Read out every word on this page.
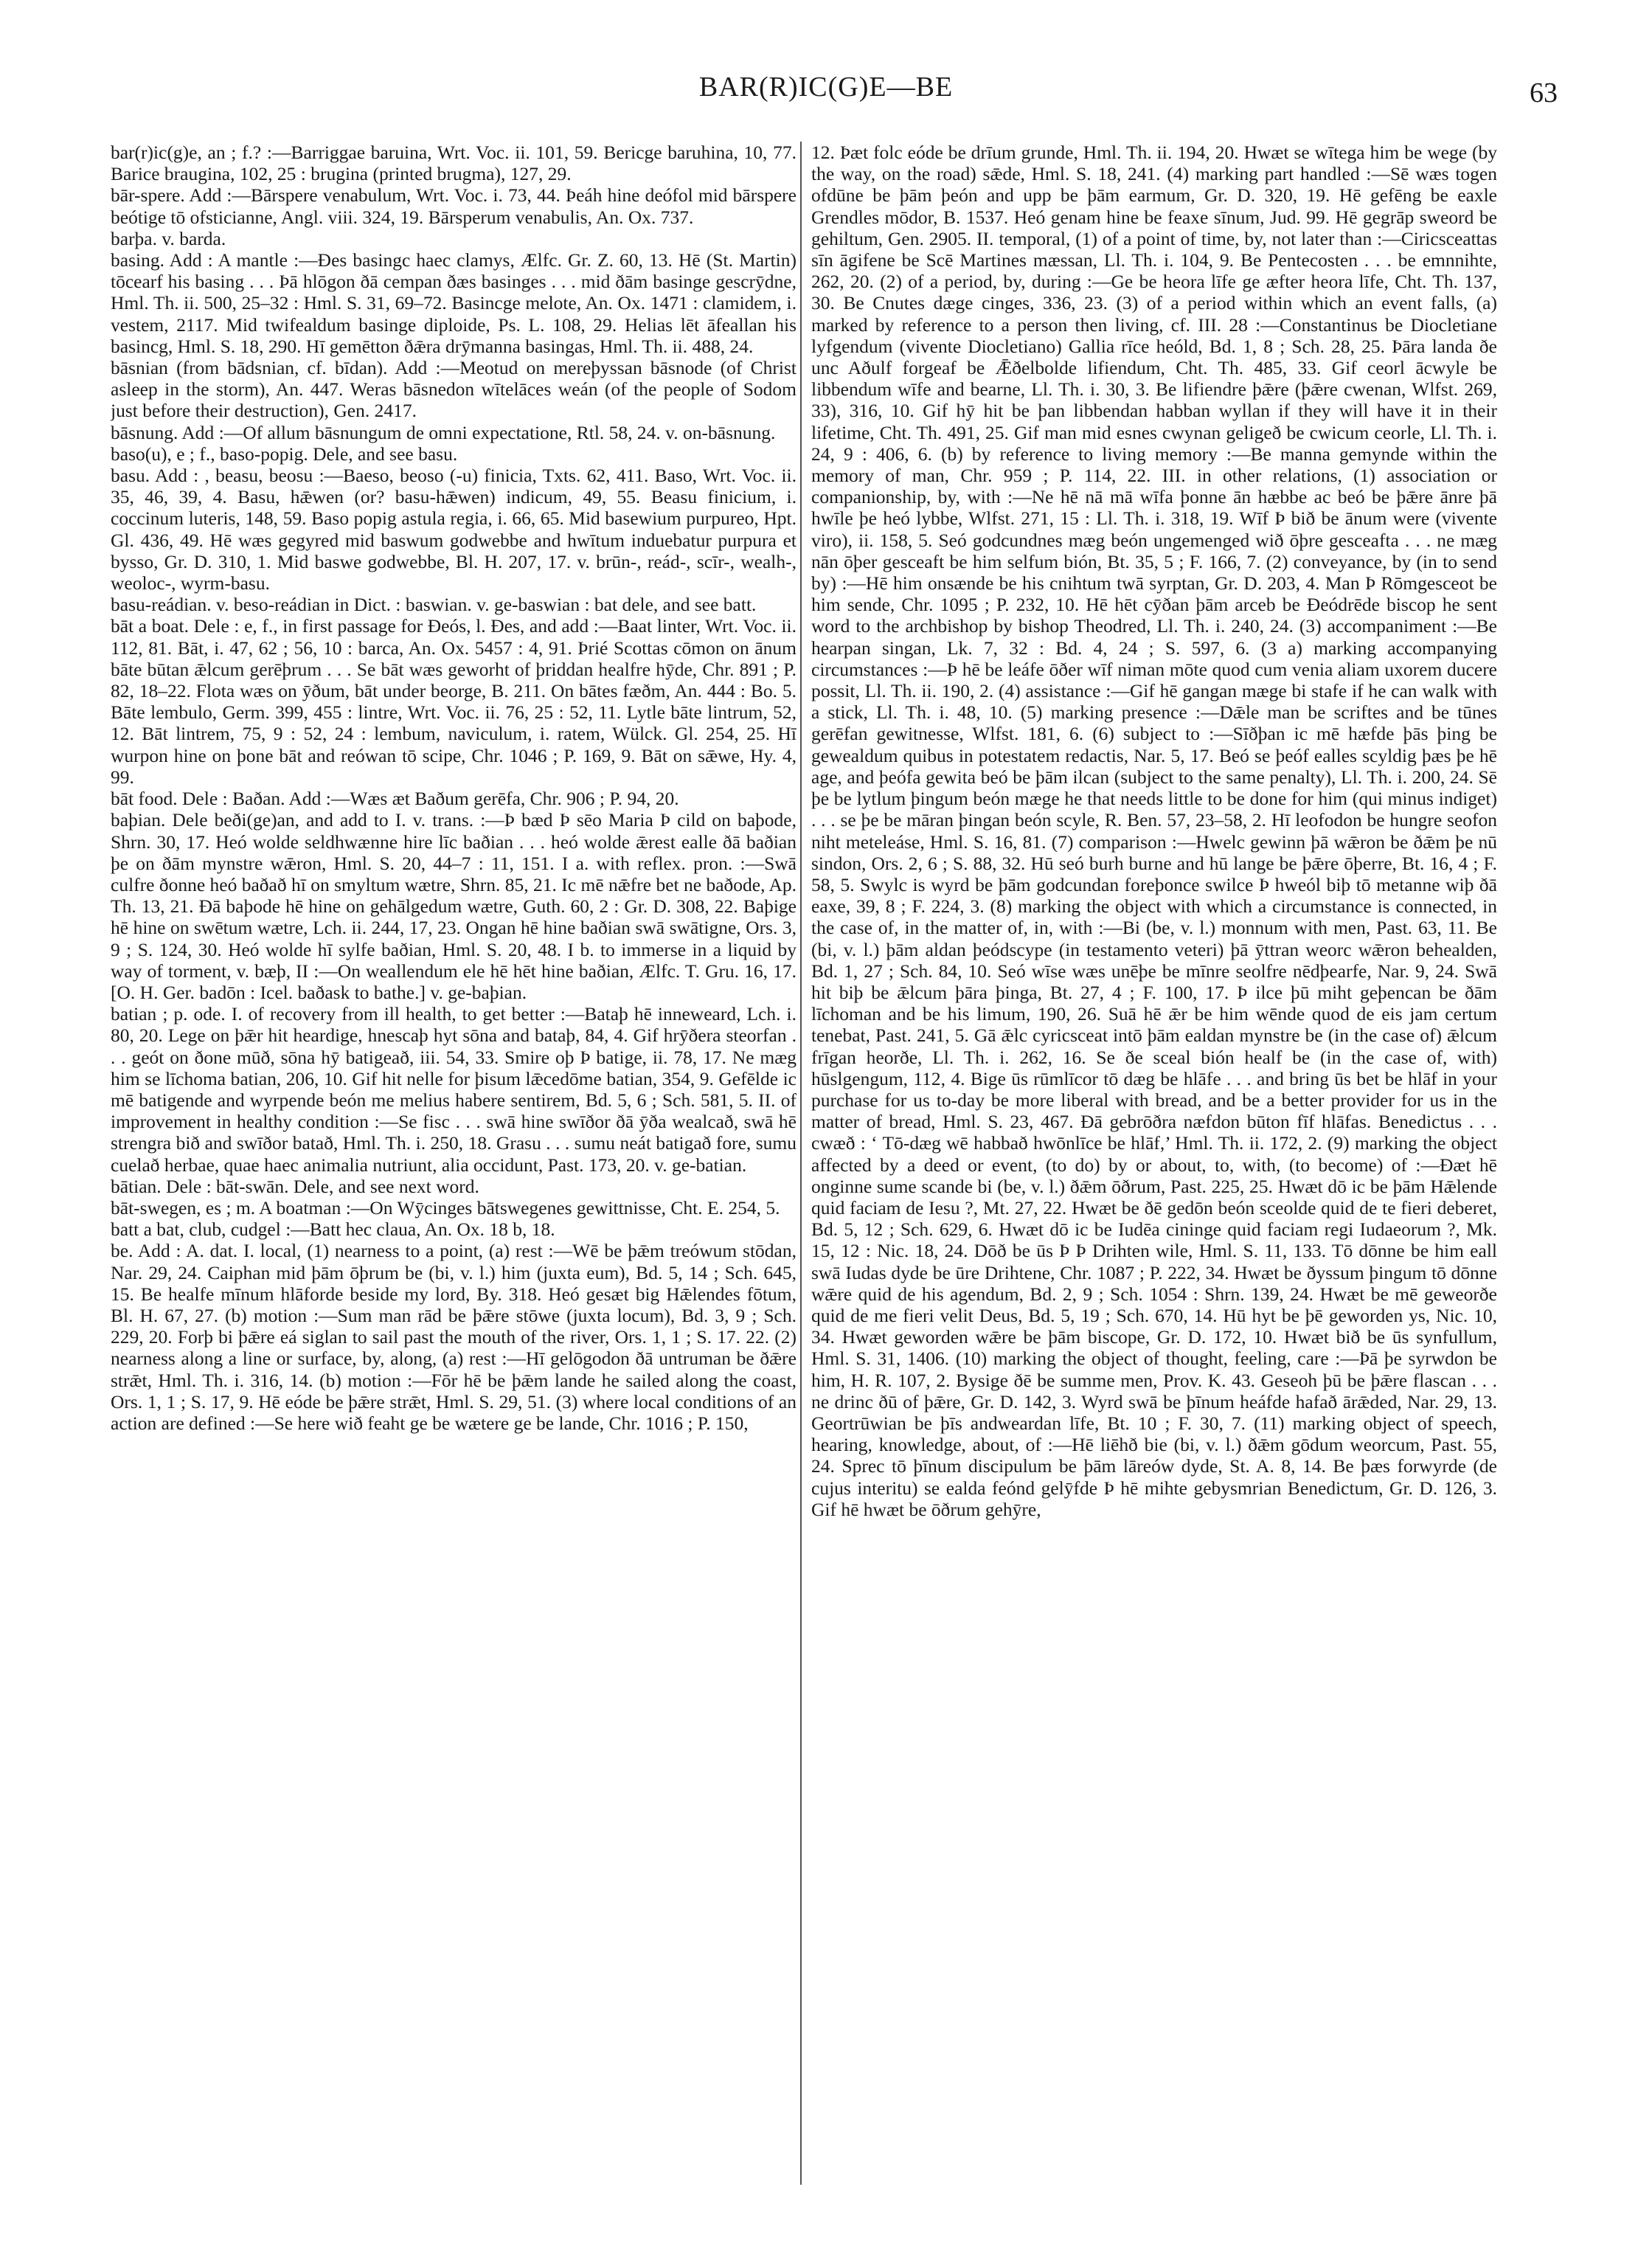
BAR(R)IC(G)E—BE	63

bar(r)ic(g)e, an ; f.? :—Barriggae baruina, Wrt. Voc. ii. 101, 59. Bericge baruhina, 10, 77. Barice braugina, 102, 25 : brugina (printed brugma), 127, 29.

bār-spere. Add :—Bārspere venabulum, Wrt. Voc. i. 73, 44. Þeáh hine deófol mid bārspere beótige tō ofsticianne, Angl. viii. 324, 19. Bārsperum venabulis, An. Ox. 737.

barþa. v. barda.

basing. Add : A mantle :—Ðes basingc haec clamys, Ælfc. Gr. Z. 60, 13. Hē (St. Martin) tōcearf his basing . . . Þā hlōgon ðā cempan ðæs basinges . . . mid ðām basinge gescrȳdne, Hml. Th. ii. 500, 25–32 : Hml. S. 31, 69–72. Basincge melote, An. Ox. 1471 : clamidem, i. vestem, 2117. Mid twifealdum basinge diploide, Ps. L. 108, 29. Helias lēt āfeallan his basincg, Hml. S. 18, 290. Hī gemētton ðǣra drȳmanna basingas, Hml. Th. ii. 488, 24.

bāsnian (from bādsnian, cf. bīdan). Add :—Meotud on mereþyssan bāsnode (of Christ asleep in the storm), An. 447. Weras bāsnedon wītelāces weán (of the people of Sodom just before their destruction), Gen. 2417.

bāsnung. Add :—Of allum bāsnungum de omni expectatione, Rtl. 58, 24. v. on-bāsnung.

baso(u), e ; f., baso-popig. Dele, and see basu.

basu. Add : , beasu, beosu :—Baeso, beoso (-u) finicia, Txts. 62, 411. Baso, Wrt. Voc. ii. 35, 46, 39, 4. Basu, hǣwen (or? basu-hǣwen) indicum, 49, 55. Beasu finicium, i. coccinum luteris, 148, 59. Baso popig astula regia, i. 66, 65. Mid basewium purpureo, Hpt. Gl. 436, 49. Hē wæs gegyred mid baswum godwebbe and hwītum induebatur purpura et bysso, Gr. D. 310, 1. Mid baswe godwebbe, Bl. H. 207, 17. v. brūn-, reád-, scīr-, wealh-, weoloc-, wyrm-basu.

basu-reádian. v. beso-reádian in Dict. : baswian. v. ge-baswian : bat dele, and see batt.

bāt a boat. Dele : e, f., in first passage for Ðeós, l. Ðes, and add :—Baat linter, Wrt. Voc. ii. 112, 81. Bāt, i. 47, 62 ; 56, 10 : barca, An. Ox. 5457 : 4, 91. Þrié Scottas cōmon on ānum bāte būtan ǣlcum gerēþrum . . . Se bāt wæs geworht of þriddan healfre hȳde, Chr. 891 ; P. 82, 18–22. Flota wæs on ȳðum, bāt under beorge, B. 211. On bātes fæðm, An. 444 : Bo. 5. Bāte lembulo, Germ. 399, 455 : lintre, Wrt. Voc. ii. 76, 25 : 52, 11. Lytle bāte lintrum, 52, 12. Bāt lintrem, 75, 9 : 52, 24 : lembum, naviculum, i. ratem, Wülck. Gl. 254, 25. Hī wurpon hine on þone bāt and reówan tō scipe, Chr. 1046 ; P. 169, 9. Bāt on sǣwe, Hy. 4, 99.

bāt food. Dele : Baðan. Add :—Wæs æt Baðum gerēfa, Chr. 906 ; P. 94, 20.

baþian. Dele beði(ge)an, and add to I. v. trans. :—Þ bæd Þ sēo Maria Þ cild on baþode, Shrn. 30, 17. Heó wolde seldhwænne hire līc baðian . . . heó wolde ǣrest ealle ðā baðian þe on ðām mynstre wǣron, Hml. S. 20, 44–7 : 11, 151. I a. with reflex. pron. :—Swā culfre ðonne heó baðað hī on smyltum wætre, Shrn. 85, 21. Ic mē nǣfre bet ne baðode, Ap. Th. 13, 21. Ðā baþode hē hine on gehālgedum wætre, Guth. 60, 2 : Gr. D. 308, 22. Baþige hē hine on swētum wætre, Lch. ii. 244, 17, 23. Ongan hē hine baðian swā swātigne, Ors. 3, 9 ; S. 124, 30. Heó wolde hī sylfe baðian, Hml. S. 20, 48. I b. to immerse in a liquid by way of torment, v. bæþ, II :—On weallendum ele hē hēt hine baðian, Ælfc. T. Gru. 16, 17. [O. H. Ger. badōn : Icel. baðask to bathe.] v. ge-baþian.

batian ; p. ode. I. of recovery from ill health, to get better :—Bataþ hē inneweard, Lch. i. 80, 20. Lege on þǣr hit heardige, hnescaþ hyt sōna and bataþ, 84, 4. Gif hrȳðera steorfan . . . geót on ðone mūð, sōna hȳ batigeað, iii. 54, 33. Smire oþ Þ batige, ii. 78, 17. Ne mæg him se līchoma batian, 206, 10. Gif hit nelle for þisum lǣcedōme batian, 354, 9. Gefēlde ic mē batigende and wyrpende beón me melius habere sentirem, Bd. 5, 6 ; Sch. 581, 5. II. of improvement in healthy condition :—Se fisc . . . swā hine swīðor ðā ȳða wealcað, swā hē strengra bið and swīðor batað, Hml. Th. i. 250, 18. Grasu . . . sumu neát batigað fore, sumu cuelað herbae, quae haec animalia nutriunt, alia occidunt, Past. 173, 20. v. ge-batian.

bātian. Dele : bāt-swān. Dele, and see next word.

bāt-swegen, es ; m. A boatman :—On Wȳcinges bātswegenes gewittnisse, Cht. E. 254, 5.

batt a bat, club, cudgel :—Batt hec claua, An. Ox. 18 b, 18.

be. Add : A. dat. I. local, (1) nearness to a point, (a) rest :—Wē be þǣm treówum stōdan, Nar. 29, 24. Caiphan mid þām ōþrum be (bi, v. l.) him (juxta eum), Bd. 5, 14 ; Sch. 645, 15. Be healfe mīnum hlāforde beside my lord, By. 318. Heó gesæt big Hǣlendes fōtum, Bl. H. 67, 27. (b) motion :—Sum man rād be þǣre stōwe (juxta locum), Bd. 3, 9 ; Sch. 229, 20. Forþ bi þǣre eá siglan to sail past the mouth of the river, Ors. 1, 1 ; S. 17. 22. (2) nearness along a line or surface, by, along, (a) rest :—Hī gelōgodon ðā untruman be ðǣre strǣt, Hml. Th. i. 316, 14. (b) motion :—Fōr hē be þǣm lande he sailed along the coast, Ors. 1, 1 ; S. 17, 9. Hē eóde be þǣre strǣt, Hml. S. 29, 51. (3) where local conditions of an action are defined :—Se here wið feaht ge be wætere ge be lande, Chr. 1016 ; P. 150,

12. Þæt folc eóde be drīum grunde, Hml. Th. ii. 194, 20. Hwæt se wītega him be wege (by the way, on the road) sǣde, Hml. S. 18, 241. (4) marking part handled :—Sē wæs togen ofdūne be þām þeón and upp be þām earmum, Gr. D. 320, 19. Hē gefēng be eaxle Grendles mōdor, B. 1537. Heó genam hine be feaxe sīnum, Jud. 99. Hē gegrāp sweord be gehiltum, Gen. 2905. II. temporal, (1) of a point of time, by, not later than :—Ciricsceattas sīn āgifene be Scē Martines mæssan, Ll. Th. i. 104, 9. Be Pentecosten . . . be emnnihte, 262, 20. (2) of a period, by, during :—Ge be heora līfe ge æfter heora līfe, Cht. Th. 137, 30. Be Cnutes dæge cinges, 336, 23. (3) of a period within which an event falls, (a) marked by reference to a person then living, cf. III. 28 :—Constantinus be Diocletiane lyfgendum (vivente Diocletiano) Gallia rīce heóld, Bd. 1, 8 ; Sch. 28, 25. Þāra landa ðe unc Aðulf forgeaf be Ǣðelbolde lifiendum, Cht. Th. 485, 33. Gif ceorl ācwyle be libbendum wīfe and bearne, Ll. Th. i. 30, 3. Be lifiendre þǣre (þǣre cwenan, Wlfst. 269, 33), 316, 10. Gif hȳ hit be þan libbendan habban wyllan if they will have it in their lifetime, Cht. Th. 491, 25. Gif man mid esnes cwynan geligeð be cwicum ceorle, Ll. Th. i. 24, 9 : 406, 6. (b) by reference to living memory :—Be manna gemynde within the memory of man, Chr. 959 ; P. 114, 22. III. in other relations, (1) association or companionship, by, with :—Ne hē nā mā wīfa þonne ān hæbbe ac beó be þǣre ānre þā hwīle þe heó lybbe, Wlfst. 271, 15 : Ll. Th. i. 318, 19. Wīf Þ bið be ānum were (vivente viro), ii. 158, 5. Seó godcundnes mæg beón ungemenged wið ōþre gesceafta . . . ne mæg nān ōþer gesceaft be him selfum bión, Bt. 35, 5 ; F. 166, 7. (2) conveyance, by (in to send by) :—Hē him onsænde be his cnihtum twā syrptan, Gr. D. 203, 4. Man Þ Rōmgesceot be him sende, Chr. 1095 ; P. 232, 10. Hē hēt cȳðan þām arceb be Ðeódrēde biscop he sent word to the archbishop by bishop Theodred, Ll. Th. i. 240, 24. (3) accompaniment :—Be hearpan singan, Lk. 7, 32 : Bd. 4, 24 ; S. 597, 6. (3 a) marking accompanying circumstances :—Þ hē be leáfe ōðer wīf niman mōte quod cum venia aliam uxorem ducere possit, Ll. Th. ii. 190, 2. (4) assistance :—Gif hē gangan mæge bi stafe if he can walk with a stick, Ll. Th. i. 48, 10. (5) marking presence :—Dǣle man be scriftes and be tūnes gerēfan gewitnesse, Wlfst. 181, 6. (6) subject to :—Sīðþan ic mē hæfde þās þing be gewealdum quibus in potestatem redactis, Nar. 5, 17. Beó se þeóf ealles scyldig þæs þe hē age, and þeófa gewita beó be þām ilcan (subject to the same penalty), Ll. Th. i. 200, 24. Sē þe be lytlum þingum beón mæge he that needs little to be done for him (qui minus indiget) . . . se þe be māran þingan beón scyle, R. Ben. 57, 23–58, 2. Hī leofodon be hungre seofon niht meteleáse, Hml. S. 16, 81. (7) comparison :—Hwelc gewinn þā wǣron be ðǣm þe nū sindon, Ors. 2, 6 ; S. 88, 32. Hū seó burh burne and hū lange be þǣre ōþerre, Bt. 16, 4 ; F. 58, 5. Swylc is wyrd be þām godcundan foreþonce swilce Þ hweól biþ tō metanne wiþ ðā eaxe, 39, 8 ; F. 224, 3. (8) marking the object with which a circumstance is connected, in the case of, in the matter of, in, with :—Bi (be, v. l.) monnum with men, Past. 63, 11. Be (bi, v. l.) þām aldan þeódscype (in testamento veteri) þā ȳttran weorc wǣron behealden, Bd. 1, 27 ; Sch. 84, 10. Seó wīse wæs unēþe be mīnre seolfre nēdþearfe, Nar. 9, 24. Swā hit biþ be ǣlcum þāra þinga, Bt. 27, 4 ; F. 100, 17. Þ ilce þū miht geþencan be ðām līchoman and be his limum, 190, 26. Suā hē ǣr be him wēnde quod de eis jam certum tenebat, Past. 241, 5. Gā ǣlc cyricsceat intō þām ealdan mynstre be (in the case of) ǣlcum frīgan heorðe, Ll. Th. i. 262, 16. Se ðe sceal bión healf be (in the case of, with) hūslgengum, 112, 4. Bige ūs rūmlīcor tō dæg be hlāfe . . . and bring ūs bet be hlāf in your purchase for us to-day be more liberal with bread, and be a better provider for us in the matter of bread, Hml. S. 23, 467. Ðā gebrōðra næfdon būton fīf hlāfas. Benedictus . . . cwæð : ‘ Tō-dæg wē habbað hwōnlīce be hlāf,’ Hml. Th. ii. 172, 2. (9) marking the object affected by a deed or event, (to do) by or about, to, with, (to become) of :—Ðæt hē onginne sume scande bi (be, v. l.) ðǣm ōðrum, Past. 225, 25. Hwæt dō ic be þām Hǣlende quid faciam de Iesu ?, Mt. 27, 22. Hwæt be ðē gedōn beón sceolde quid de te fieri deberet, Bd. 5, 12 ; Sch. 629, 6. Hwæt dō ic be Iudēa cininge quid faciam regi Iudaeorum ?, Mk. 15, 12 : Nic. 18, 24. Dōð be ūs Þ Þ Drihten wile, Hml. S. 11, 133. Tō dōnne be him eall swā Iudas dyde be ūre Drihtene, Chr. 1087 ; P. 222, 34. Hwæt be ðyssum þingum tō dōnne wǣre quid de his agendum, Bd. 2, 9 ; Sch. 1054 : Shrn. 139, 24. Hwæt be mē geweorðe quid de me fieri velit Deus, Bd. 5, 19 ; Sch. 670, 14. Hū hyt be þē geworden ys, Nic. 10, 34. Hwæt geworden wǣre be þām biscope, Gr. D. 172, 10. Hwæt bið be ūs synfullum, Hml. S. 31, 1406. (10) marking the object of thought, feeling, care :—Þā þe syrwdon be him, H. R. 107, 2. Bysige ðē be summe men, Prov. K. 43. Geseoh þū be þǣre flascan . . . ne drinc ðū of þǣre, Gr. D. 142, 3. Wyrd swā be þīnum heáfde hafað ārǣded, Nar. 29, 13. Geortrūwian be þīs andweardan līfe, Bt. 10 ; F. 30, 7. (11) marking object of speech, hearing, knowledge, about, of :—Hē liēhð bie (bi, v. l.) ðǣm gōdum weorcum, Past. 55, 24. Sprec tō þīnum discipulum be þām lāreów dyde, St. A. 8, 14. Be þæs forwyrde (de cujus interitu) se ealda feónd gelȳfde Þ hē mihte gebysmrian Benedictum, Gr. D. 126, 3. Gif hē hwæt be ōðrum gehȳre,
